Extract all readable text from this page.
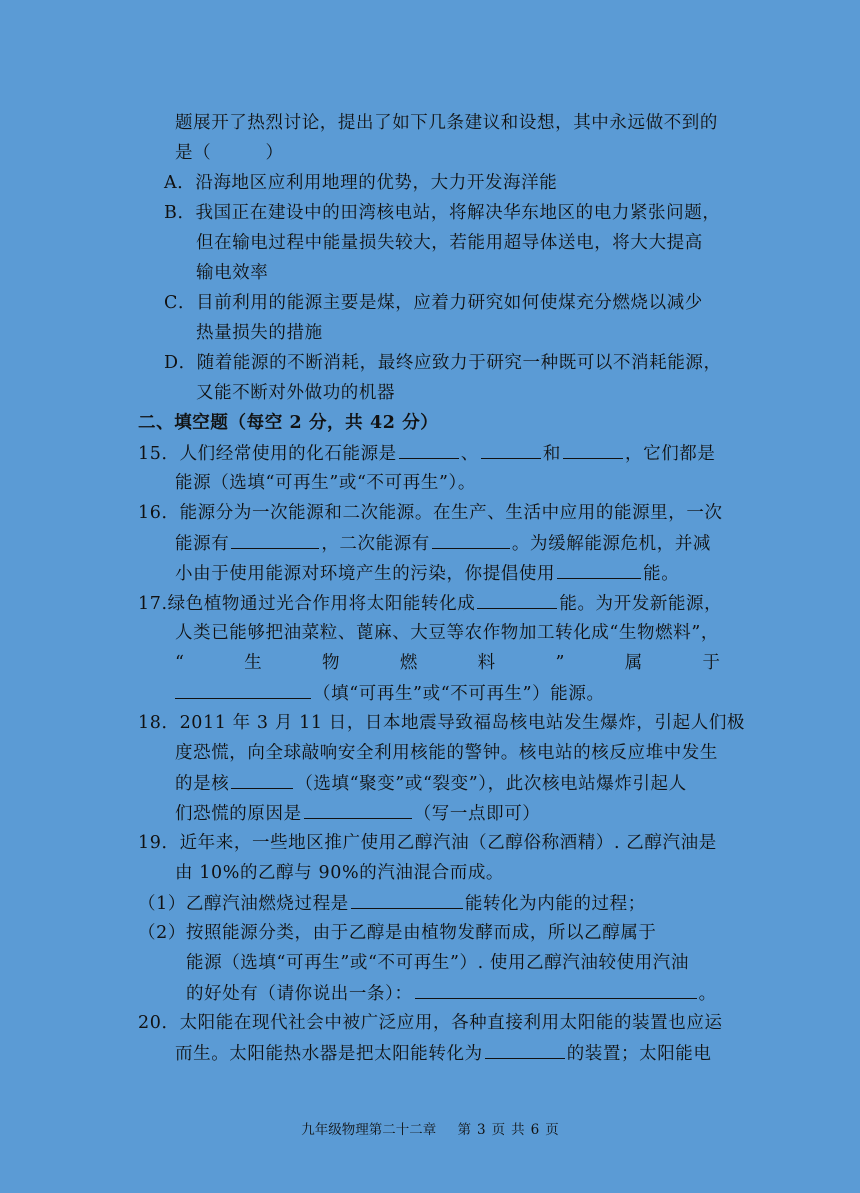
题展开了热烈讨论，提出了如下几条建议和设想，其中永远做不到的
是（　　　）
A．沿海地区应利用地理的优势，大力开发海洋能
B．我国正在建设中的田湾核电站，将解决华东地区的电力紧张问题，
但在输电过程中能量损失较大，若能用超导体送电，将大大提高
输电效率
C．目前利用的能源主要是煤，应着力研究如何使煤充分燃烧以减少
热量损失的措施
D．随着能源的不断消耗，最终应致力于研究一种既可以不消耗能源，
又能不断对外做功的机器
二、填空题（每空 2 分，共 42 分）
15．人们经常使用的化石能源是	、	和	，它们都是
能源（选填“可再生”或“不可再生”）。
16．能源分为一次能源和二次能源。在生产、生活中应用的能源里，一次
能源有	，二次能源有	。为缓解能源危机，并减
小由于使用能源对环境产生的污染，你提倡使用	能。
17.绿色植物通过光合作用将太阳能转化成	能。为开发新能源，
人类已能够把油菜粒、蓖麻、大豆等农作物加工转化成“生物燃料”，
“	生	物	燃	料	”	属	于
（填“可再生”或“不可再生”）能源。
18．2011 年 3 月 11 日，日本地震导致福岛核电站发生爆炸，引起人们极
度恐慌，向全球敲响安全利用核能的警钟。核电站的核反应堆中发生
的是核	（选填“聚变”或“裂变”），此次核电站爆炸引起人
们恐慌的原因是	（写一点即可）
19．近年来，一些地区推广使用乙醇汽油（乙醇俗称酒精）. 乙醇汽油是
由 10%的乙醇与 90%的汽油混合而成。
（1）乙醇汽油燃烧过程是	能转化为内能的过程；
（2）按照能源分类，由于乙醇是由植物发酵而成，所以乙醇属于
能源（选填“可再生”或“不可再生”）. 使用乙醇汽油较使用汽油
的好处有（请你说出一条）：	。
20．太阳能在现代社会中被广泛应用，各种直接利用太阳能的装置也应运
而生。太阳能热水器是把太阳能转化为	的装置；太阳能电
九年级物理第二十二章 第 3 页 共 6 页
